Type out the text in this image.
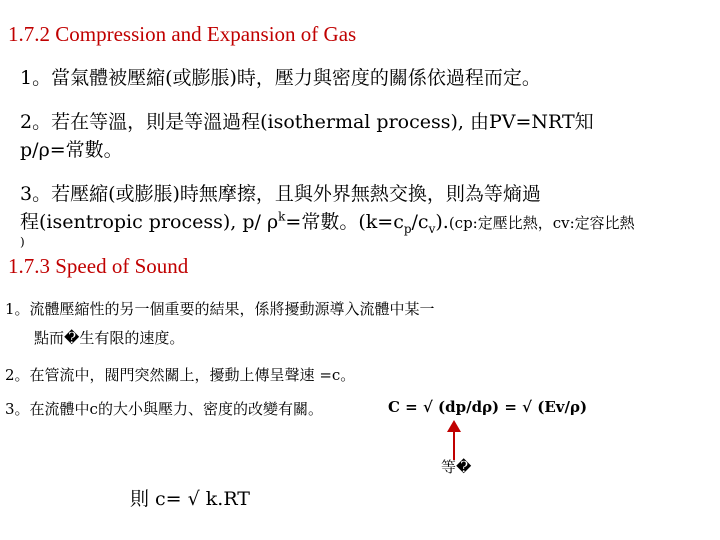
1.7.2 Compression and Expansion of Gas
1。當氣體被壓縮(或膨脹)時，壓力與密度的關係依過程而定。
2。若在等溫，則是等溫過程(isothermal process), 由PV=NRT知
p/ρ=常數。
3。若壓縮(或膨脹)時無摩擦，且與外界無熱交換，則為等熵過
程(isentropic process), p/ $\rho^k=$常數。$(k=c_p/c_v).(cp$:定壓比熱，cv:定容比熱
)
1.7.3 Speed of Sound
1。流體壓縮性的另一個重要的結果，係將擾動源導入流體中某一
點而�生有限的速度。
2。在管流中，閥門突然關上，擾動上傳呈聲速 =c。
3。在流體中c的大小與壓力、密度的改變有關。	C = √ (dp/dρ) = √ (Ev/ρ)
等�
則 c= √ k.RT
